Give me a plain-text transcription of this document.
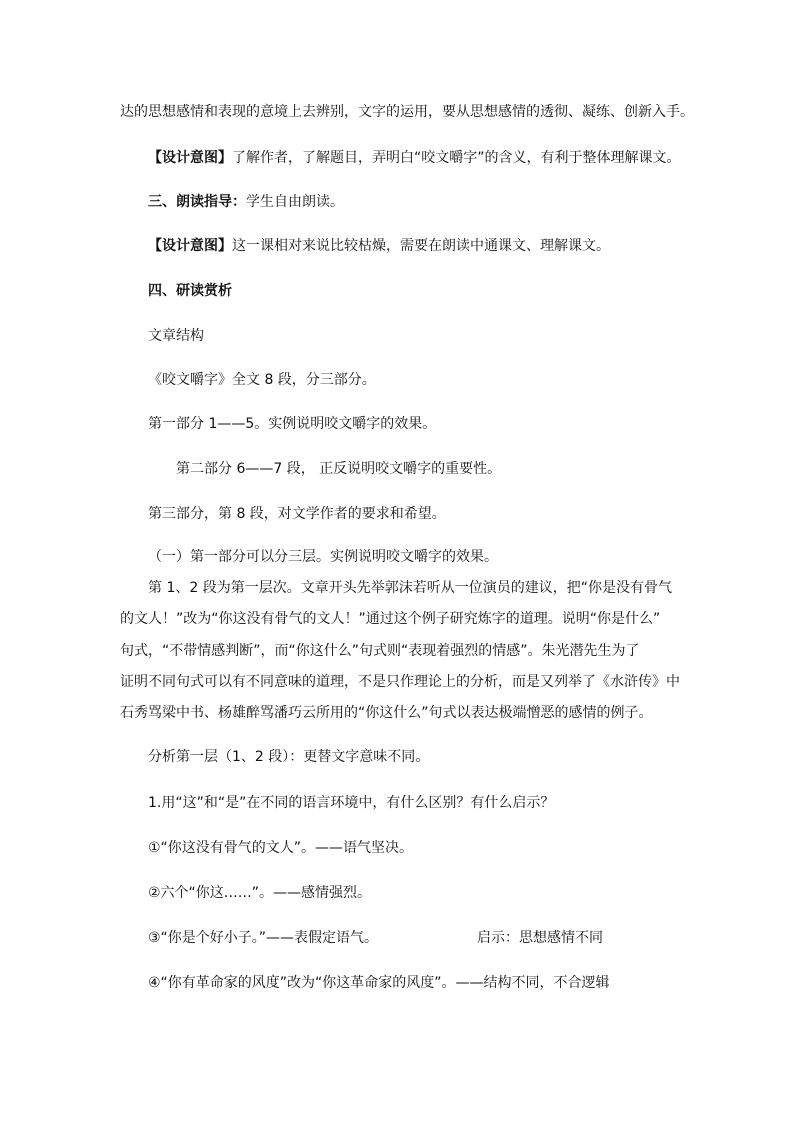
达的思想感情和表现的意境上去辨别，文字的运用，要从思想感情的透彻、凝练、创新入手。
【设计意图】了解作者，了解题目，弄明白“咬文嚼字”的含义，有利于整体理解课文。
三、朗读指导：学生自由朗读。
【设计意图】这一课相对来说比较枯燥，需要在朗读中通课文、理解课文。
四、研读赏析
文章结构
《咬文嚼字》全文 8 段，分三部分。
第一部分 1——5。实例说明咬文嚼字的效果。
第二部分 6——7 段， 正反说明咬文嚼字的重要性。
第三部分，第 8 段，对文学作者的要求和希望。
（一）第一部分可以分三层。实例说明咬文嚼字的效果。
第 1、2 段为第一层次。文章开头先举郭沫若听从一位演员的建议，把“你是没有骨气
的文人！”改为“你这没有骨气的文人！”通过这个例子研究炼字的道理。说明“你是什么”
句式，“不带情感判断”，而“你这什么”句式则“表现着强烈的情感”。朱光潜先生为了
证明不同句式可以有不同意味的道理，不是只作理论上的分析，而是又列举了《水浒传》中
石秀骂梁中书、杨雄醉骂潘巧云所用的“你这什么”句式以表达极端憎恶的感情的例子。
分析第一层（1、2 段）：更替文字意味不同。
1.用“这”和“是”在不同的语言环境中，有什么区别？有什么启示？
①“你这没有骨气的文人”。——语气坚决。
②六个“你这……”。——感情强烈。
③“你是个好小子。”——表假定语气。	启示：思想感情不同
④“你有革命家的风度”改为“你这革命家的风度”。——结构不同，不合逻辑
